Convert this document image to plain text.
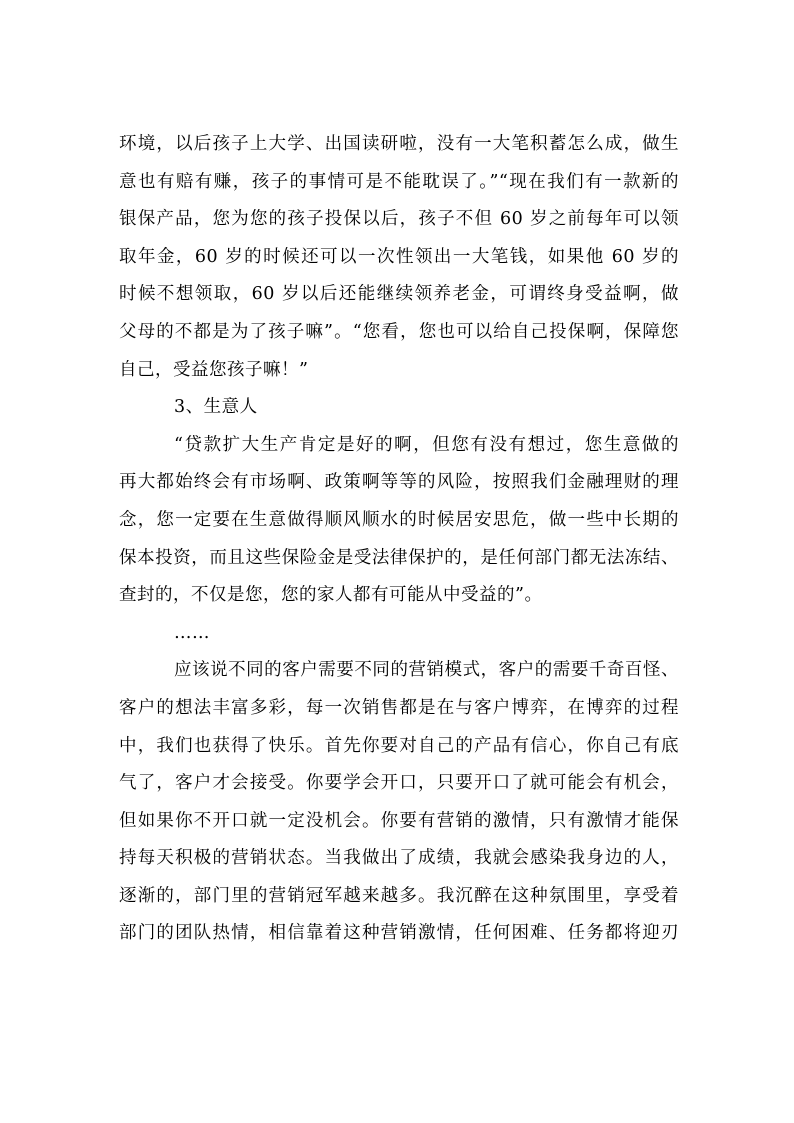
环境，以后孩子上大学、出国读研啦，没有一大笔积蓄怎么成，做生
意也有赔有赚，孩子的事情可是不能耽误了。”“现在我们有一款新的
银保产品，您为您的孩子投保以后，孩子不但 60 岁之前每年可以领
取年金，60 岁的时候还可以一次性领出一大笔钱，如果他 60 岁的
时候不想领取，60 岁以后还能继续领养老金，可谓终身受益啊，做
父母的不都是为了孩子嘛”。“您看，您也可以给自己投保啊，保障您
自己，受益您孩子嘛！”
3、生意人
“贷款扩大生产肯定是好的啊，但您有没有想过，您生意做的
再大都始终会有市场啊、政策啊等等的风险，按照我们金融理财的理
念，您一定要在生意做得顺风顺水的时候居安思危，做一些中长期的
保本投资，而且这些保险金是受法律保护的，是任何部门都无法冻结、
查封的，不仅是您，您的家人都有可能从中受益的”。
……
应该说不同的客户需要不同的营销模式，客户的需要千奇百怪、
客户的想法丰富多彩，每一次销售都是在与客户博弈，在博弈的过程
中，我们也获得了快乐。首先你要对自己的产品有信心，你自己有底
气了，客户才会接受。你要学会开口，只要开口了就可能会有机会，
但如果你不开口就一定没机会。你要有营销的激情，只有激情才能保
持每天积极的营销状态。当我做出了成绩，我就会感染我身边的人，
逐渐的，部门里的营销冠军越来越多。我沉醉在这种氛围里，享受着
部门的团队热情，相信靠着这种营销激情，任何困难、任务都将迎刃
